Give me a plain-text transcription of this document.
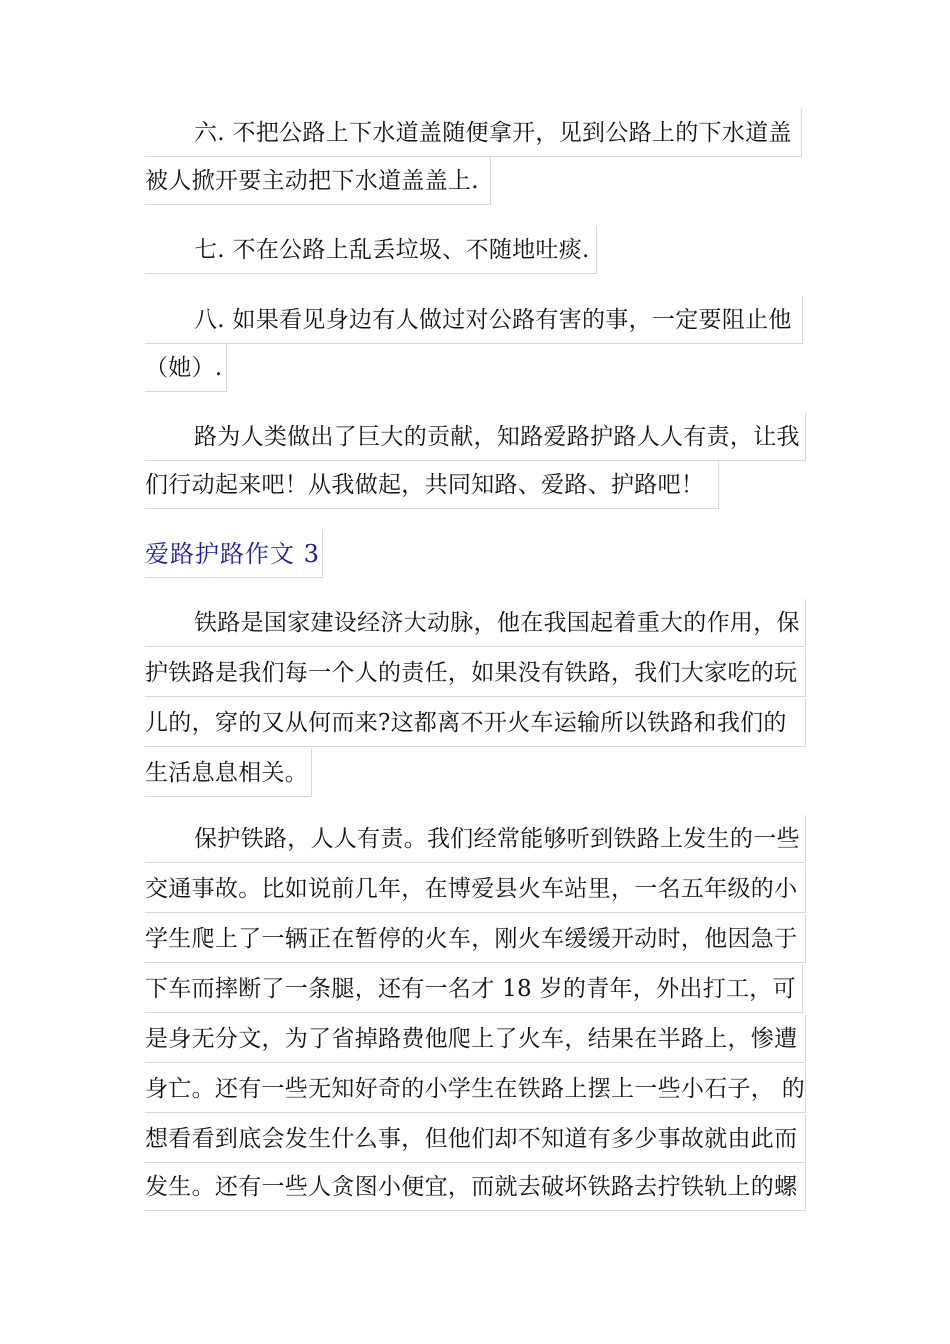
六. 不把公路上下水道盖随便拿开，见到公路上的下水道盖
被人掀开要主动把下水道盖盖上.
七. 不在公路上乱丢垃圾、不随地吐痰.
八. 如果看见身边有人做过对公路有害的事，一定要阻止他
（她）.
路为人类做出了巨大的贡献，知路爱路护路人人有责，让我
们行动起来吧！从我做起，共同知路、爱路、护路吧！
爱路护路作文 3
铁路是国家建设经济大动脉，他在我国起着重大的作用，保
护铁路是我们每一个人的责任，如果没有铁路，我们大家吃的玩
儿的，穿的又从何而来?这都离不开火车运输所以铁路和我们的
生活息息相关。
保护铁路，人人有责。我们经常能够听到铁路上发生的一些
交通事故。比如说前几年，在博爱县火车站里，一名五年级的小
学生爬上了一辆正在暂停的火车，刚火车缓缓开动时，他因急于
下车而摔断了一条腿，还有一名才 18 岁的青年，外出打工，可
是身无分文，为了省掉路费他爬上了火车，结果在半路上，惨遭
身亡。还有一些无知好奇的小学生在铁路上摆上一些小石子， 的
想看看到底会发生什么事，但他们却不知道有多少事故就由此而
发生。还有一些人贪图小便宜，而就去破坏铁路去拧铁轨上的螺
